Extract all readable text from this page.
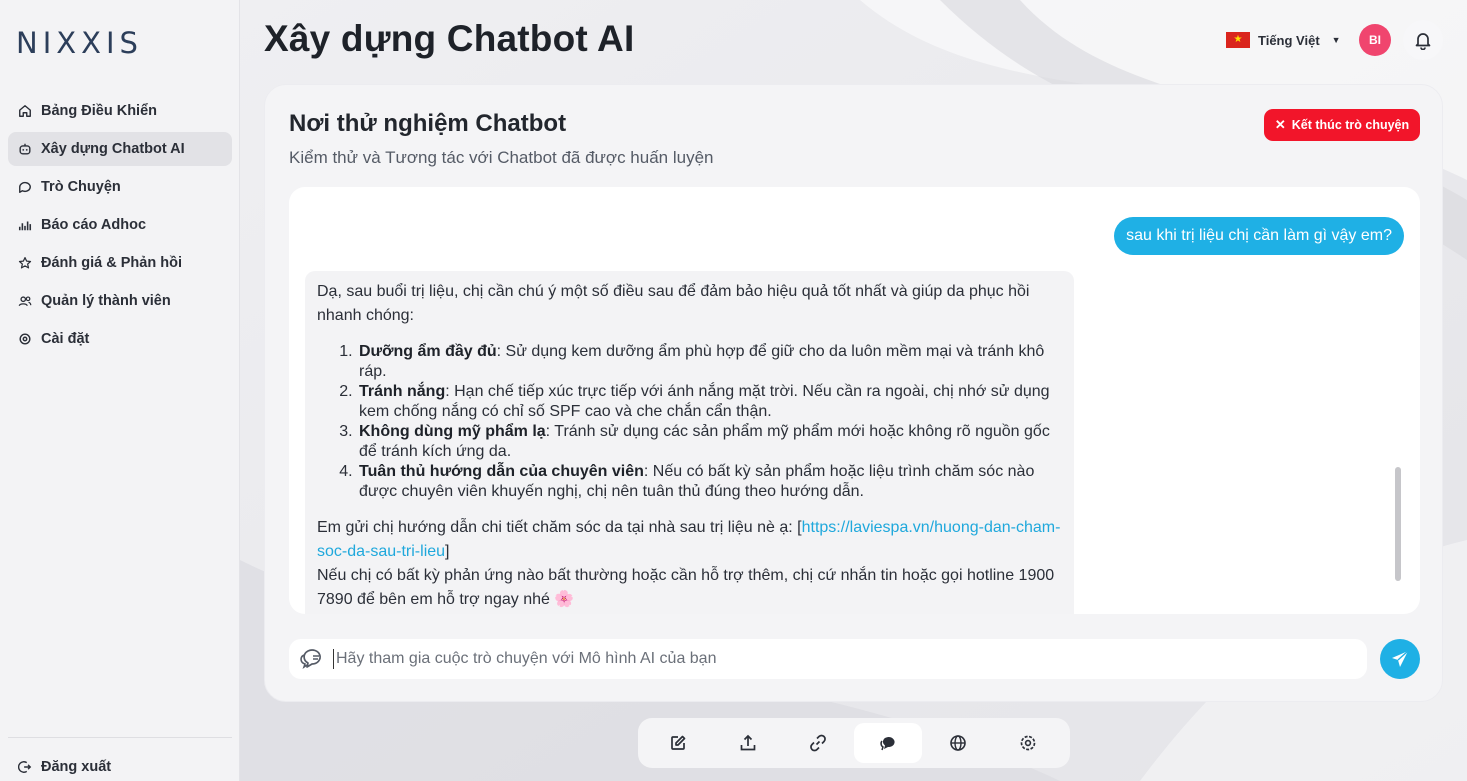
NIXXIS
Bảng Điều Khiển
Xây dựng Chatbot AI
Trò Chuyện
Báo cáo Adhoc
Đánh giá & Phản hồi
Quản lý thành viên
Cài đặt
Đăng xuất
Xây dựng Chatbot AI	★	Tiếng Việt ▼	BI
Nơi thử nghiệm Chatbot

Kiểm thử và Tương tác với Chatbot đã được huấn luyện

✕ Kết thúc trò chuyện
sau khi trị liệu chị cần làm gì vậy em?

Dạ, sau buổi trị liệu, chị cần chú ý một số điều sau để đảm bảo hiệu quả tốt nhất và giúp da phục hồi nhanh chóng:

1. Dưỡng ẩm đầy đủ: Sử dụng kem dưỡng ẩm phù hợp để giữ cho da luôn mềm mại và tránh khô ráp.
2. Tránh nắng: Hạn chế tiếp xúc trực tiếp với ánh nắng mặt trời. Nếu cần ra ngoài, chị nhớ sử dụng kem chống nắng có chỉ số SPF cao và che chắn cẩn thận.
3. Không dùng mỹ phẩm lạ: Tránh sử dụng các sản phẩm mỹ phẩm mới hoặc không rõ nguồn gốc để tránh kích ứng da.
4. Tuân thủ hướng dẫn của chuyên viên: Nếu có bất kỳ sản phẩm hoặc liệu trình chăm sóc nào được chuyên viên khuyến nghị, chị nên tuân thủ đúng theo hướng dẫn.

Em gửi chị hướng dẫn chi tiết chăm sóc da tại nhà sau trị liệu nè ạ: [https://laviespa.vn/huong-dan-cham-soc-da-sau-tri-lieu]

Nếu chị có bất kỳ phản ứng nào bất thường hoặc cần hỗ trợ thêm, chị cứ nhắn tin hoặc gọi hotline 1900 7890 để bên em hỗ trợ ngay nhé 🌸

Hãy tham gia cuộc trò chuyện với Mô hình AI của bạn
